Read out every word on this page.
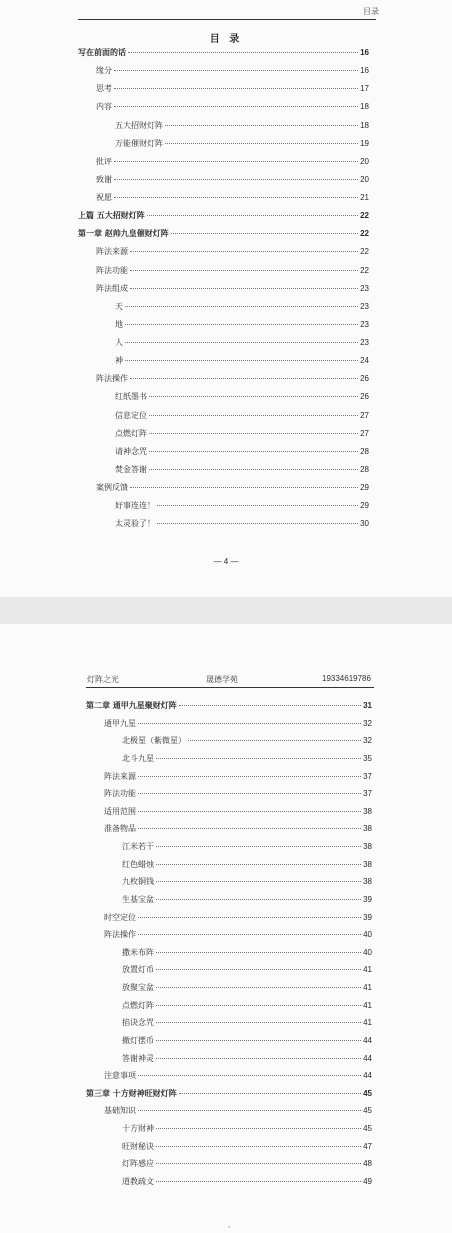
目录
目 录
写在前面的话	16
缘分	16
思考	17
内容	18
五大招财灯阵	18
万能催财灯阵	19
批评	20
致谢	20
祝愿	21
上篇 五大招财灯阵	22
第一章 赵帅九皇催财灯阵	22
阵法来源	22
阵法功能	22
阵法组成	23
天	23
地	23
人	23
神	24
阵法操作	26
红纸墨书	26
信息定位	27
点燃灯阵	27
请神念咒	28
焚金答谢	28
案例反馈	29
好事连连！	29
太灵验了！	30
— 4 —
灯阵之光	晟德学苑	19334619786
第二章 通甲九星聚财灯阵	31
通甲九星	32
北极星（紫微星）	32
北斗九星	35
阵法来源	37
阵法功能	37
适用范围	38
准备物品	38
江米若干	38
红色蜡烛	38
九枚铜钱	38
生基宝盆	39
时空定位	39
阵法操作	40
撒米布阵	40
放置灯币	41
放聚宝盆	41
点燃灯阵	41
掐诀念咒	41
撤灯摆币	44
答谢神灵	44
注意事项	44
第三章 十方财神旺财灯阵	45
基础知识	45
十方财神	45
旺财秘诀	47
灯阵感应	48
道教疏文	49
·
